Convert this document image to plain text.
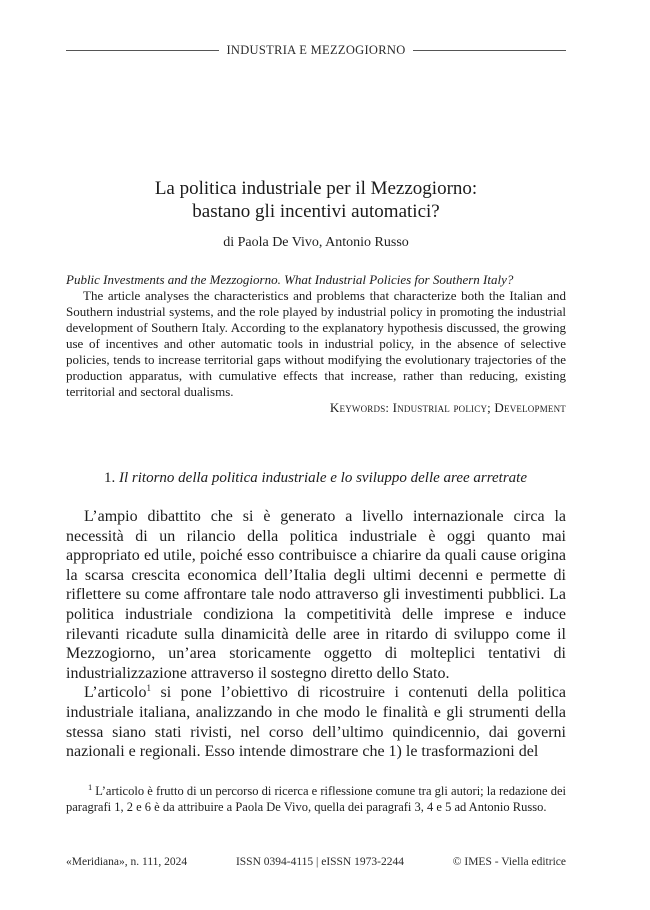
INDUSTRIA E MEZZOGIORNO
La politica industriale per il Mezzogiorno:
bastano gli incentivi automatici?
di Paola De Vivo, Antonio Russo
Public Investments and the Mezzogiorno. What Industrial Policies for Southern Italy?

The article analyses the characteristics and problems that characterize both the Italian and Southern industrial systems, and the role played by industrial policy in promoting the industrial development of Southern Italy. According to the explanatory hypothesis discussed, the growing use of incentives and other automatic tools in industrial policy, in the absence of selective policies, tends to increase territorial gaps without modifying the evolutionary trajectories of the production apparatus, with cumulative effects that increase, rather than reducing, existing territorial and sectoral dualisms.

Keywords: Industrial policy; Development
1. Il ritorno della politica industriale e lo sviluppo delle aree arretrate

L’ampio dibattito che si è generato a livello internazionale circa la necessità di un rilancio della politica industriale è oggi quanto mai appropriato ed utile, poiché esso contribuisce a chiarire da quali cause origina la scarsa crescita economica dell’Italia degli ultimi decenni e permette di riflettere su come affrontare tale nodo attraverso gli investimenti pubblici. La politica industriale condiziona la competitività delle imprese e induce rilevanti ricadute sulla dinamicità delle aree in ritardo di sviluppo come il Mezzogiorno, un’area storicamente oggetto di molteplici tentativi di industrializzazione attraverso il sostegno diretto dello Stato.

L’articolo$^1$ si pone l’obiettivo di ricostruire i contenuti della politica industriale italiana, analizzando in che modo le finalità e gli strumenti della stessa siano stati rivisti, nel corso dell’ultimo quindicennio, dai governi nazionali e regionali. Esso intende dimostrare che 1) le trasformazioni del

$^1$ L’articolo è frutto di un percorso di ricerca e riflessione comune tra gli autori; la redazione dei paragrafi 1, 2 e 6 è da attribuire a Paola De Vivo, quella dei paragrafi 3, 4 e 5 ad Antonio Russo.

«Meridiana», n. 111, 2024	ISSN 0394-4115 | eISSN 1973-2244	© IMES - Viella editrice
